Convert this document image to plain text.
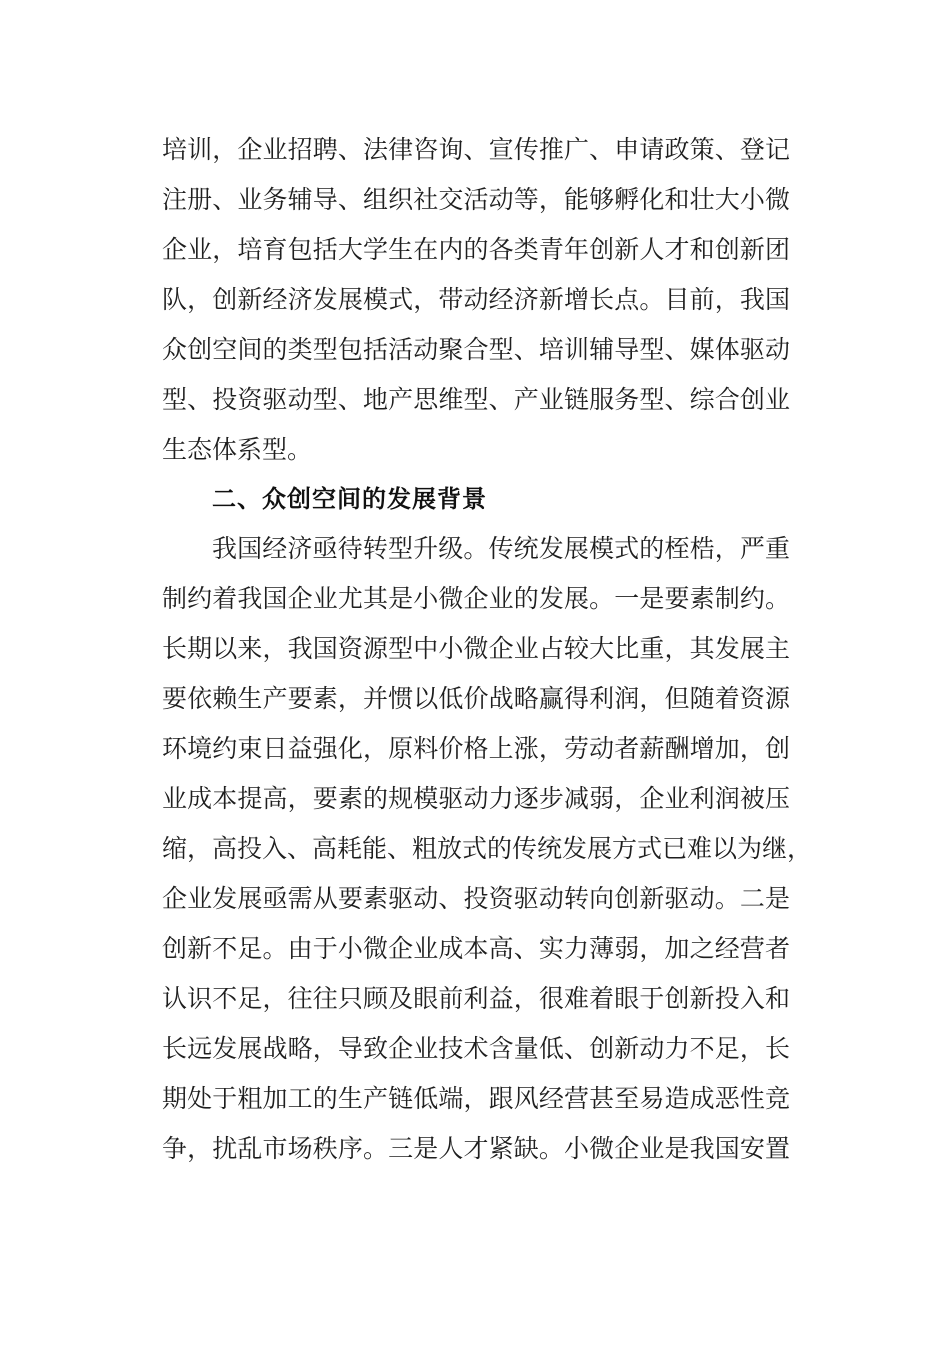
培训，企业招聘、法律咨询、宣传推广、申请政策、登记

注册、业务辅导、组织社交活动等，能够孵化和壮大小微

企业，培育包括大学生在内的各类青年创新人才和创新团

队，创新经济发展模式，带动经济新增长点。目前，我国

众创空间的类型包括活动聚合型、培训辅导型、媒体驱动

型、投资驱动型、地产思维型、产业链服务型、综合创业

生态体系型。

二、众创空间的发展背景

我国经济亟待转型升级。传统发展模式的桎梏，严重

制约着我国企业尤其是小微企业的发展。一是要素制约。

长期以来，我国资源型中小微企业占较大比重，其发展主

要依赖生产要素，并惯以低价战略赢得利润，但随着资源

环境约束日益强化，原料价格上涨，劳动者薪酬增加，创

业成本提高，要素的规模驱动力逐步减弱，企业利润被压

缩，高投入、高耗能、粗放式的传统发展方式已难以为继，

企业发展亟需从要素驱动、投资驱动转向创新驱动。二是

创新不足。由于小微企业成本高、实力薄弱，加之经营者

认识不足，往往只顾及眼前利益，很难着眼于创新投入和

长远发展战略，导致企业技术含量低、创新动力不足，长

期处于粗加工的生产链低端，跟风经营甚至易造成恶性竞

争，扰乱市场秩序。三是人才紧缺。小微企业是我国安置
